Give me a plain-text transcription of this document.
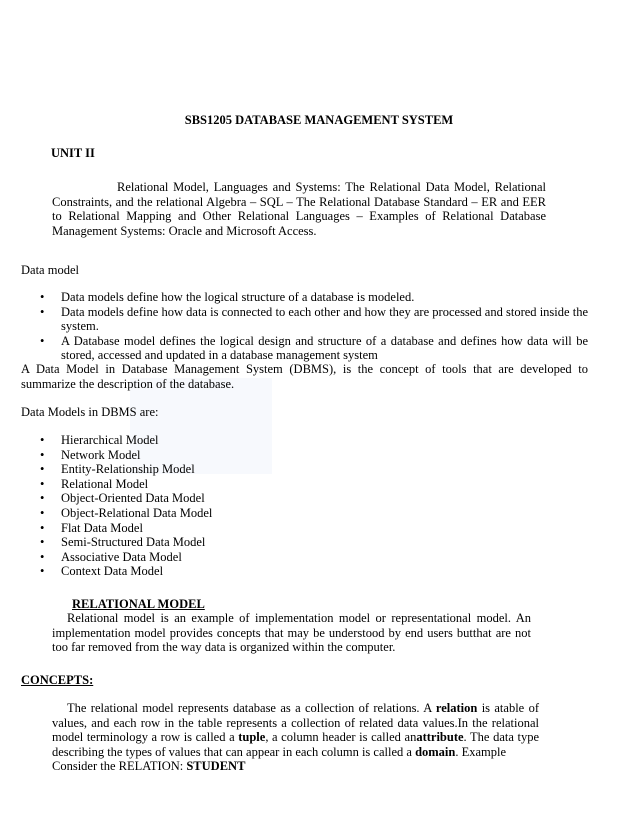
SBS1205 DATABASE MANAGEMENT SYSTEM
UNIT II

Relational Model, Languages and Systems: The Relational Data Model, Relational Constraints, and the relational Algebra – SQL – The Relational Database Standard – ER and EER to Relational Mapping and Other Relational Languages – Examples of Relational Database Management Systems: Oracle and Microsoft Access.

Data model
• Data models define how the logical structure of a database is modeled.
• Data models define how data is connected to each other and how they are processed and stored inside the system.
• A Database model defines the logical design and structure of a database and defines how data will be stored, accessed and updated in a database management system

A Data Model in Database Management System (DBMS), is the concept of tools that are developed to summarize the description of the database.

Data Models in DBMS are:
• Hierarchical Model
• Network Model
• Entity-Relationship Model
• Relational Model
• Object-Oriented Data Model
• Object-Relational Data Model
• Flat Data Model
• Semi-Structured Data Model
• Associative Data Model
• Context Data Model
RELATIONAL MODEL

Relational model is an example of implementation model or representational model. An implementation model provides concepts that may be understood by end users butthat are not too far removed from the way data is organized within the computer.

CONCEPTS:

The relational model represents database as a collection of relations. A relation is atable of values, and each row in the table represents a collection of related data values.In the relational model terminology a row is called a tuple, a column header is called anattribute. The data type describing the types of values that can appear in each column is called a domain. Example

Consider the RELATION: STUDENT
